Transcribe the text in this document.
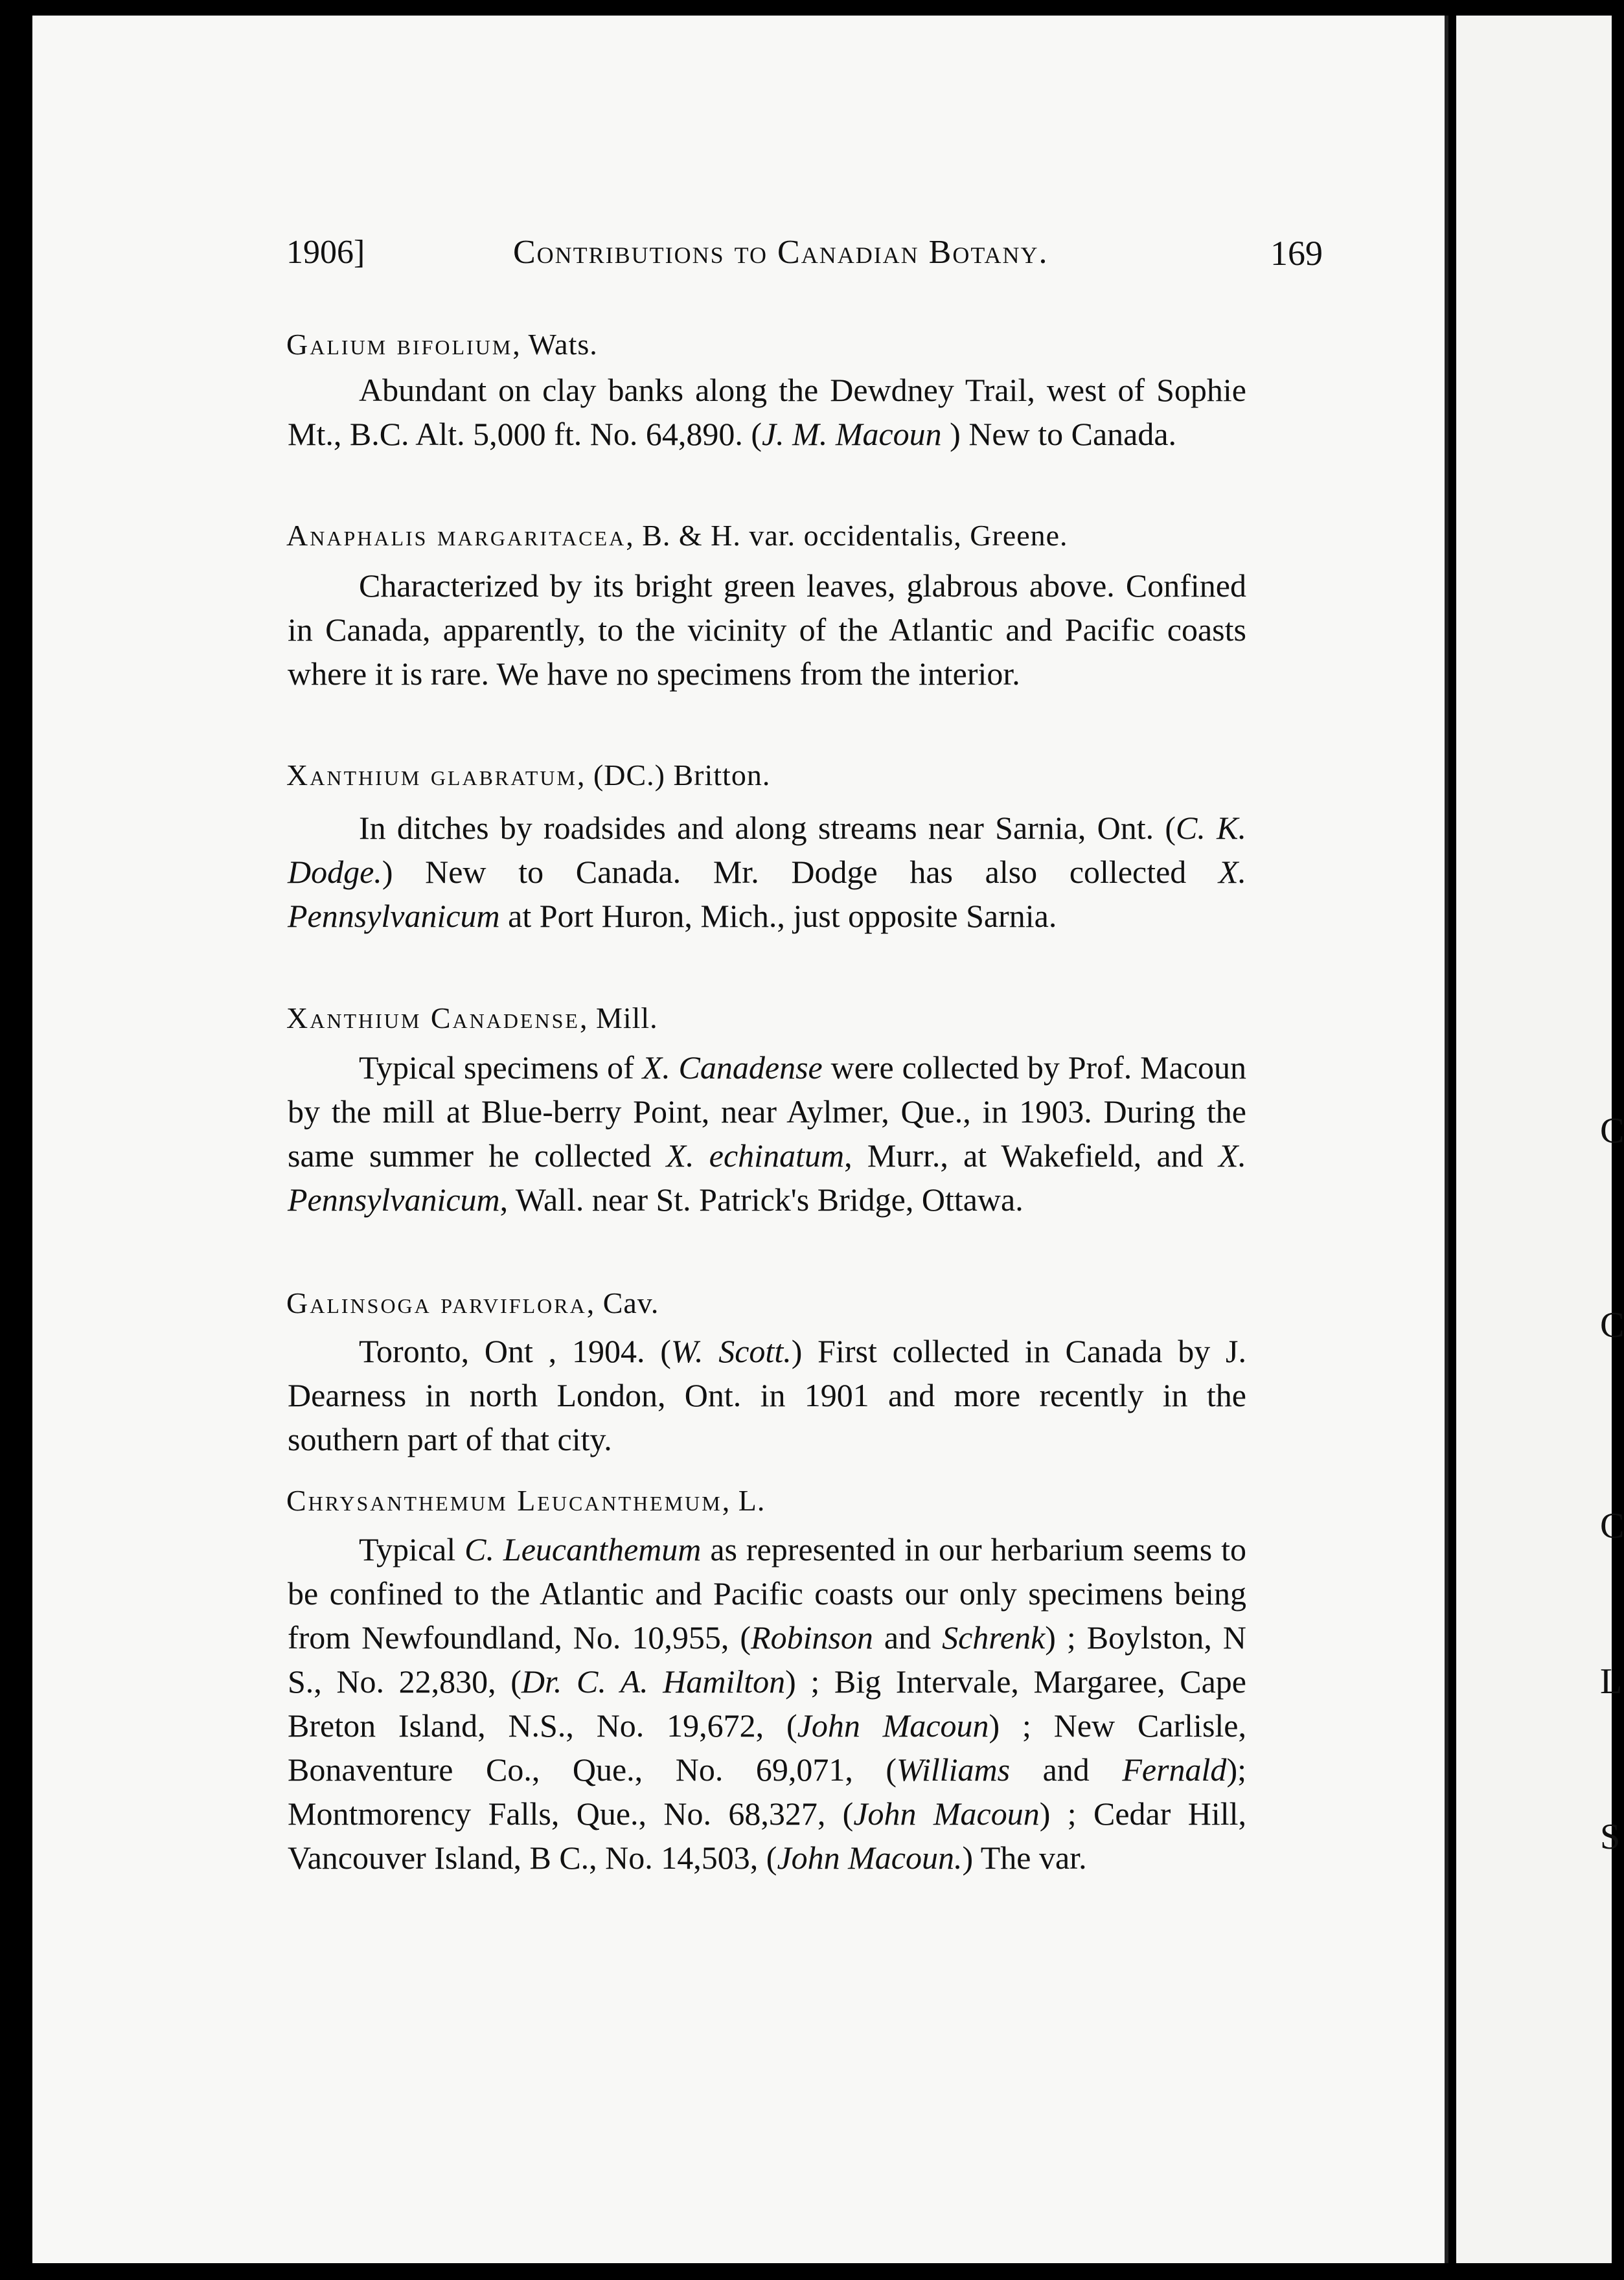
C
C
C
L
S
1906]	Contributions to Canadian Botany.	169
Galium bifolium, Wats.
Abundant on clay banks along the Dewdney Trail, west of Sophie Mt., B.C. Alt. 5,000 ft. No. 64,890. (J. M. Macoun ) New to Canada.
Anaphalis margaritacea, B. & H. var. occidentalis, Greene.
Characterized by its bright green leaves, glabrous above. Confined in Canada, apparently, to the vicinity of the Atlantic and Pacific coasts where it is rare. We have no specimens from the interior.
Xanthium glabratum, (DC.) Britton.
In ditches by roadsides and along streams near Sarnia, Ont. (C. K. Dodge.) New to Canada. Mr. Dodge has also collected X. Pennsylvanicum at Port Huron, Mich., just opposite Sarnia.
Xanthium Canadense, Mill.
Typical specimens of X. Canadense were collected by Prof. Macoun by the mill at Blue-berry Point, near Aylmer, Que., in 1903. During the same summer he collected X. echinatum, Murr., at Wakefield, and X. Pennsylvanicum, Wall. near St. Patrick's Bridge, Ottawa.
Galinsoga parviflora, Cav.
Toronto, Ont , 1904. (W. Scott.) First collected in Canada by J. Dearness in north London, Ont. in 1901 and more recently in the southern part of that city.
Chrysanthemum Leucanthemum, L.
Typical C. Leucanthemum as represented in our herbarium seems to be confined to the Atlantic and Pacific coasts our only specimens being from Newfoundland, No. 10,955, (Robinson and Schrenk) ; Boylston, N S., No. 22,830, (Dr. C. A. Hamilton) ; Big Intervale, Margaree, Cape Breton Island, N.S., No. 19,672, (John Macoun) ; New Carlisle, Bonaventure Co., Que., No. 69,071, (Williams and Fernald); Montmorency Falls, Que., No. 68,327, (John Macoun) ; Cedar Hill, Vancouver Island, B C., No. 14,503, (John Macoun.) The var.
